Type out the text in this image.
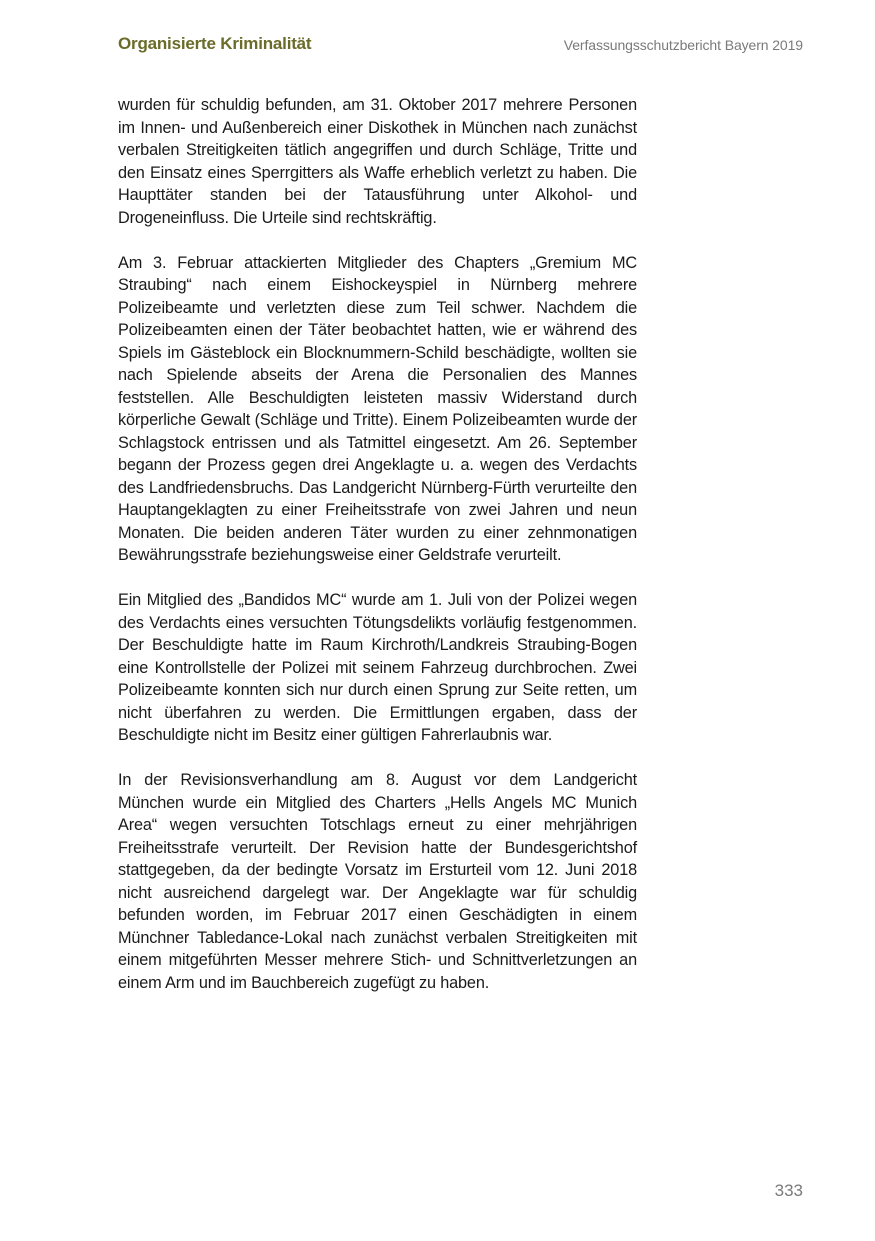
Organisierte Kriminalität	Verfassungsschutzbericht Bayern 2019

wurden für schuldig befunden, am 31. Oktober 2017 mehrere Personen im Innen- und Außenbereich einer Diskothek in München nach zunächst verbalen Streitigkeiten tätlich angegriffen und durch Schläge, Tritte und den Einsatz eines Sperrgitters als Waffe erheblich verletzt zu haben. Die Haupttäter standen bei der Tatausführung unter Alkohol- und Drogeneinfluss. Die Urteile sind rechtskräftig.

Am 3. Februar attackierten Mitglieder des Chapters „Gremium MC Straubing“ nach einem Eishockeyspiel in Nürnberg mehrere Polizeibeamte und verletzten diese zum Teil schwer. Nachdem die Polizeibeamten einen der Täter beobachtet hatten, wie er während des Spiels im Gästeblock ein Blocknummern-Schild beschädigte, wollten sie nach Spielende abseits der Arena die Personalien des Mannes feststellen. Alle Beschuldigten leisteten massiv Widerstand durch körperliche Gewalt (Schläge und Tritte). Einem Polizeibeamten wurde der Schlagstock entrissen und als Tatmittel eingesetzt. Am 26. September begann der Prozess gegen drei Angeklagte u. a. wegen des Verdachts des Landfriedensbruchs. Das Landgericht Nürnberg-Fürth verurteilte den Hauptangeklagten zu einer Freiheitsstrafe von zwei Jahren und neun Monaten. Die beiden anderen Täter wurden zu einer zehnmonatigen Bewährungsstrafe beziehungsweise einer Geldstrafe verurteilt.

Ein Mitglied des „Bandidos MC“ wurde am 1. Juli von der Polizei wegen des Verdachts eines versuchten Tötungsdelikts vorläufig festgenommen. Der Beschuldigte hatte im Raum Kirchroth/​Landkreis Straubing-Bogen eine Kontrollstelle der Polizei mit seinem Fahrzeug durchbrochen. Zwei Polizeibeamte konnten sich nur durch einen Sprung zur Seite retten, um nicht überfahren zu werden. Die Ermittlungen ergaben, dass der Beschuldigte nicht im Besitz einer gültigen Fahrerlaubnis war.

In der Revisionsverhandlung am 8. August vor dem Landgericht München wurde ein Mitglied des Charters „Hells Angels MC Munich Area“ wegen versuchten Totschlags erneut zu einer mehrjährigen Freiheitsstrafe verurteilt. Der Revision hatte der Bundesgerichtshof stattgegeben, da der bedingte Vorsatz im Ersturteil vom 12. Juni 2018 nicht ausreichend dargelegt war. Der Angeklagte war für schuldig befunden worden, im Februar 2017 einen Geschädigten in einem Münchner Tabledance-Lokal nach zunächst verbalen Streitigkeiten mit einem mitgeführten Messer mehrere Stich- und Schnittverletzungen an einem Arm und im Bauchbereich zugefügt zu haben.

333
